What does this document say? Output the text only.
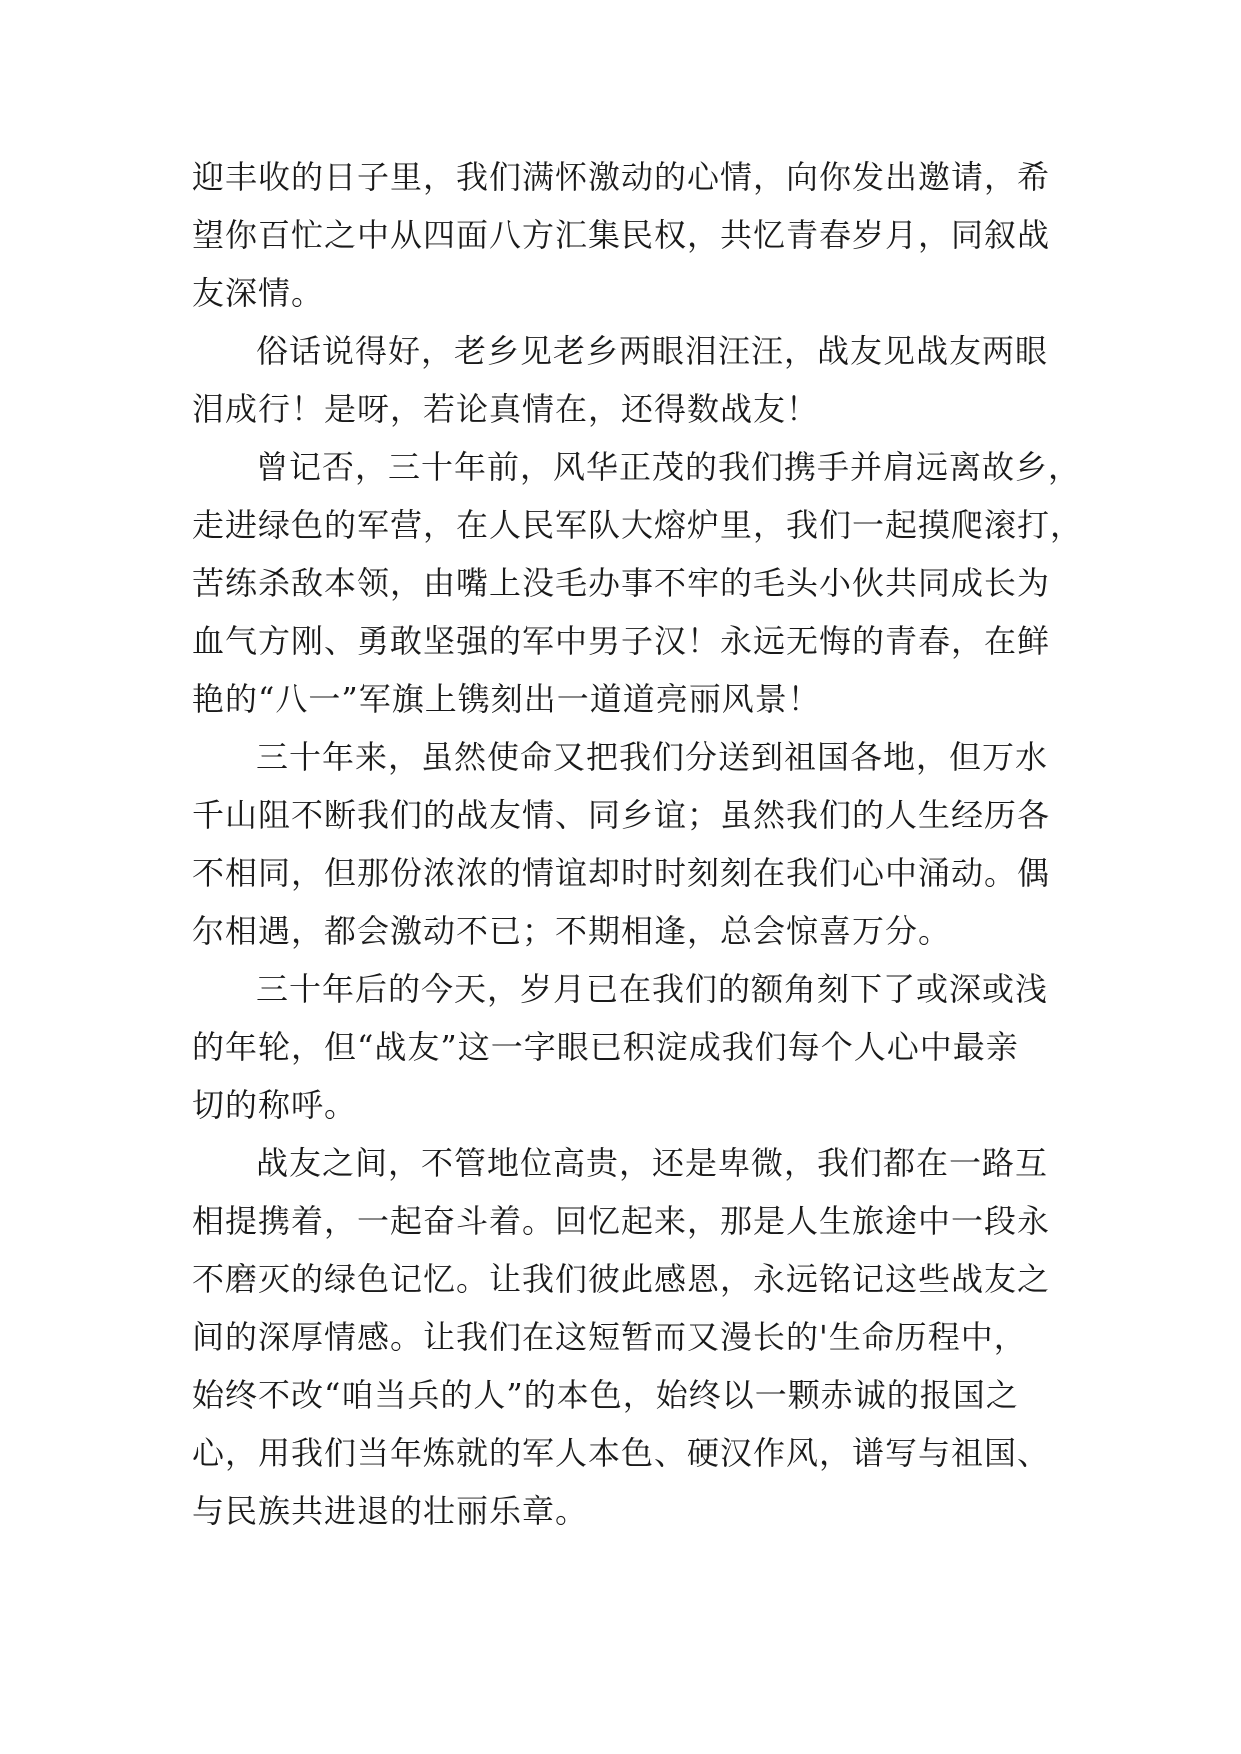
迎丰收的日子里，我们满怀激动的心情，向你发出邀请，希
望你百忙之中从四面八方汇集民权，共忆青春岁月，同叙战
友深情。
俗话说得好，老乡见老乡两眼泪汪汪，战友见战友两眼
泪成行！是呀，若论真情在，还得数战友！
曾记否，三十年前，风华正茂的我们携手并肩远离故乡，
走进绿色的军营，在人民军队大熔炉里，我们一起摸爬滚打，
苦练杀敌本领，由嘴上没毛办事不牢的毛头小伙共同成长为
血气方刚、勇敢坚强的军中男子汉！永远无悔的青春，在鲜
艳的“八一”军旗上镌刻出一道道亮丽风景！
三十年来，虽然使命又把我们分送到祖国各地，但万水
千山阻不断我们的战友情、同乡谊；虽然我们的人生经历各
不相同，但那份浓浓的情谊却时时刻刻在我们心中涌动。偶
尔相遇，都会激动不已；不期相逢，总会惊喜万分。
三十年后的今天，岁月已在我们的额角刻下了或深或浅
的年轮，但“战友”这一字眼已积淀成我们每个人心中最亲
切的称呼。
战友之间，不管地位高贵，还是卑微，我们都在一路互
相提携着，一起奋斗着。回忆起来，那是人生旅途中一段永
不磨灭的绿色记忆。让我们彼此感恩，永远铭记这些战友之
间的深厚情感。让我们在这短暂而又漫长的'生命历程中，
始终不改“咱当兵的人”的本色，始终以一颗赤诚的报国之
心，用我们当年炼就的军人本色、硬汉作风，谱写与祖国、
与民族共进退的壮丽乐章。
